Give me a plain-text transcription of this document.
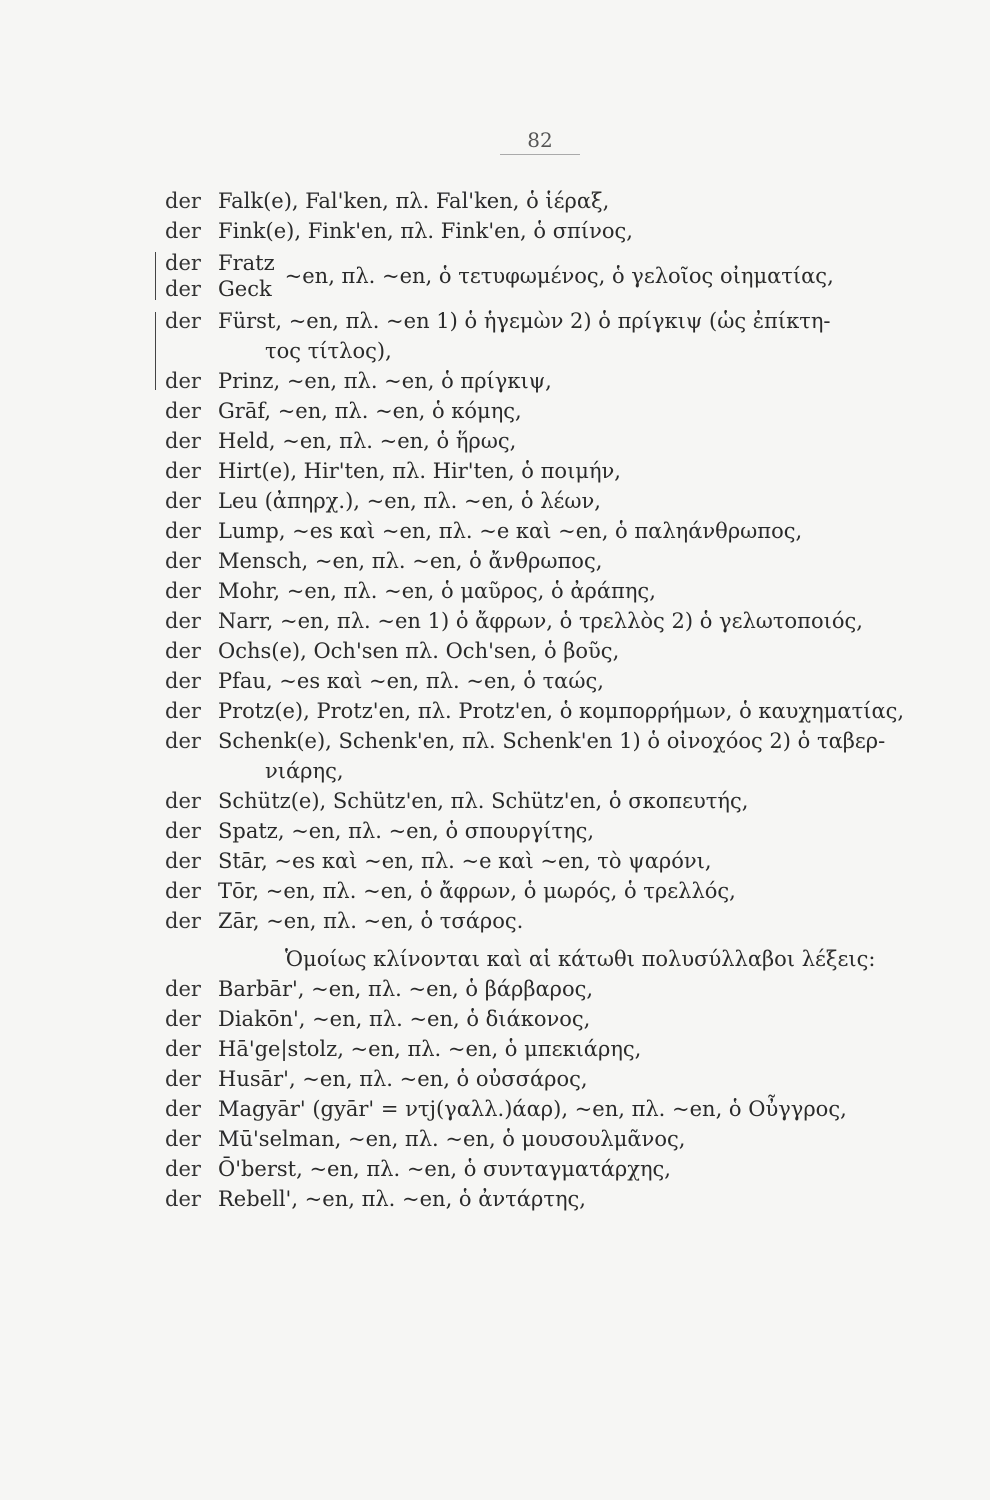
82
der Falk(e), Fal'ken, πλ. Fal'ken, ὁ ἱέραξ,
der Fink(e), Fink'en, πλ. Fink'en, ὁ σπίνος,
der Fratz
der Geck
~en, πλ. ~en, ὁ τετυφωμένος, ὁ γελοῖος οἰηματίας,
der Fürst, ~en, πλ. ~en 1) ὁ ἡγεμὼν 2) ὁ πρίγκιψ (ὡς ἐπίκτη-
τος τίτλος),
der Prinz, ~en, πλ. ~en, ὁ πρίγκιψ,
der Grāf, ~en, πλ. ~en, ὁ κόμης,
der Held, ~en, πλ. ~en, ὁ ἥρως,
der Hirt(e), Hir'ten, πλ. Hir'ten, ὁ ποιμήν,
der Leu (ἀπηρχ.), ~en, πλ. ~en, ὁ λέων,
der Lump, ~es καὶ ~en, πλ. ~e καὶ ~en, ὁ παληάνθρωπος,
der Mensch, ~en, πλ. ~en, ὁ ἄνθρωπος,
der Mohr, ~en, πλ. ~en, ὁ μαῦρος, ὁ ἀράπης,
der Narr, ~en, πλ. ~en 1) ὁ ἄφρων, ὁ τρελλὸς 2) ὁ γελωτοποιός,
der Ochs(e), Och'sen πλ. Och'sen, ὁ βοῦς,
der Pfau, ~es καὶ ~en, πλ. ~en, ὁ ταώς,
der Protz(e), Protz'en, πλ. Protz'en, ὁ κομπορρήμων, ὁ καυχηματίας,
der Schenk(e), Schenk'en, πλ. Schenk'en 1) ὁ οἰνοχόος 2) ὁ ταβερ-
νιάρης,
der Schütz(e), Schütz'en, πλ. Schütz'en, ὁ σκοπευτής,
der Spatz, ~en, πλ. ~en, ὁ σπουργίτης,
der Stār, ~es καὶ ~en, πλ. ~e καὶ ~en, τὸ ψαρόνι,
der Tōr, ~en, πλ. ~en, ὁ ἄφρων, ὁ μωρός, ὁ τρελλός,
der Zār, ~en, πλ. ~en, ὁ τσάρος.
Ὁμοίως κλίνονται καὶ αἱ κάτωθι πολυσύλλαβοι λέξεις:
der Barbār', ~en, πλ. ~en, ὁ βάρβαρος,
der Diakōn', ~en, πλ. ~en, ὁ διάκονος,
der Hā'ge|stolz, ~en, πλ. ~en, ὁ μπεκιάρης,
der Husār', ~en, πλ. ~en, ὁ οὐσσάρος,
der Magyār' (gyār' = ντj(γαλλ.)άαρ), ~en, πλ. ~en, ὁ Οὖγγρος,
der Mū'selman, ~en, πλ. ~en, ὁ μουσουλμᾶνος,
der Ō'berst, ~en, πλ. ~en, ὁ συνταγματάρχης,
der Rebell', ~en, πλ. ~en, ὁ ἀντάρτης,
